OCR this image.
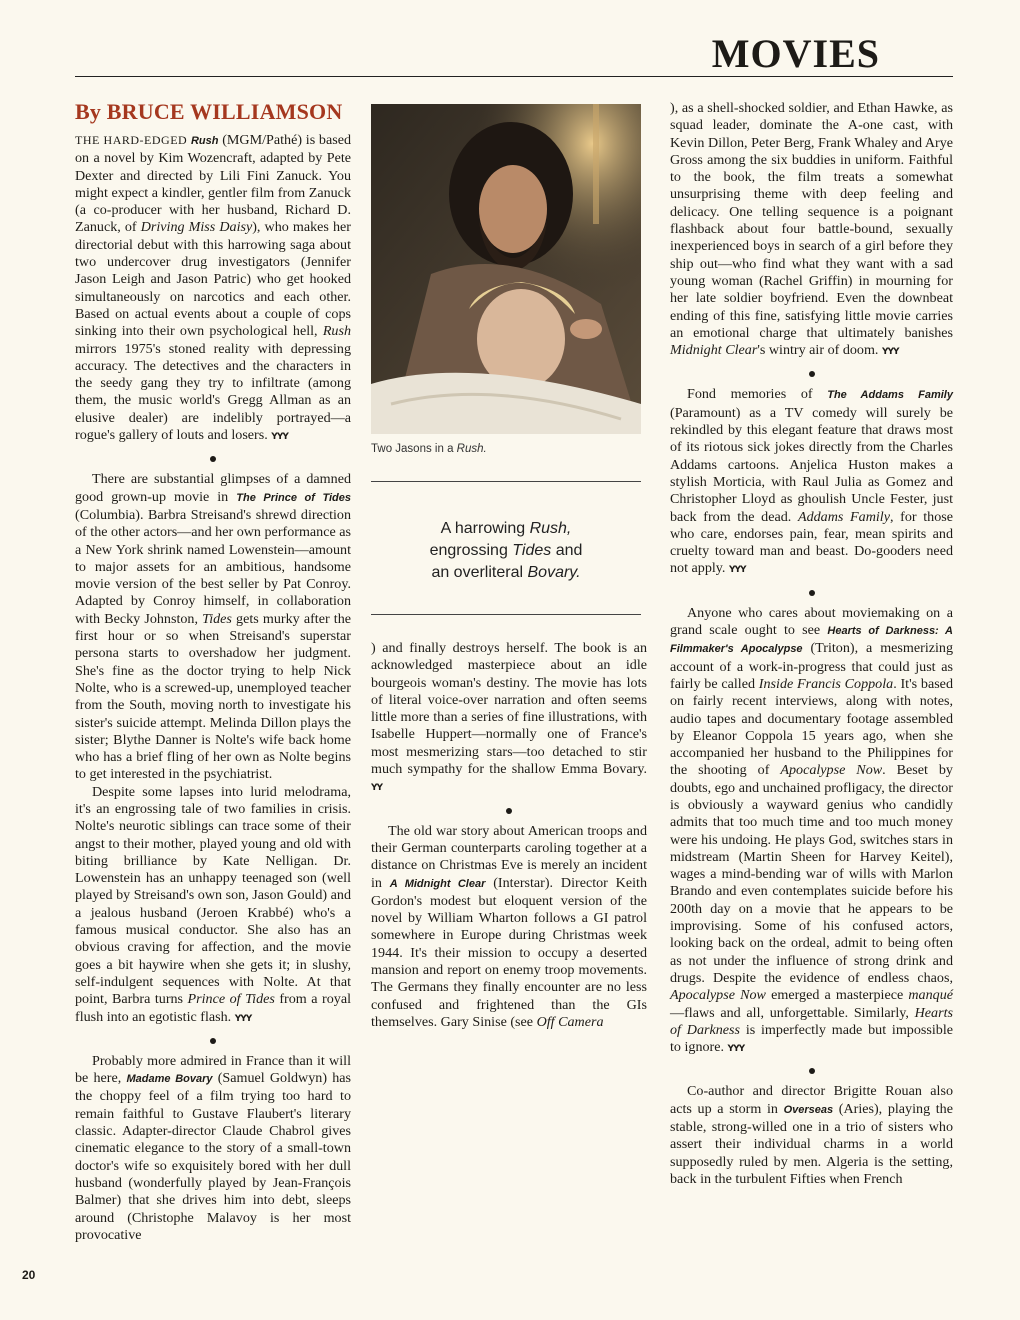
MOVIES
By BRUCE WILLIAMSON

THE HARD-EDGED Rush (MGM/Pathé) is based on a novel by Kim Wozencraft, adapted by Pete Dexter and directed by Lili Fini Zanuck. You might expect a kindler, gentler film from Zanuck (a co-producer with her husband, Richard D. Zanuck, of Driving Miss Daisy), who makes her directorial debut with this harrowing saga about two undercover drug investigators (Jennifer Jason Leigh and Jason Patric) who get hooked simultaneously on narcotics and each other. Based on actual events about a couple of cops sinking into their own psychological hell, Rush mirrors 1975's stoned reality with depressing accuracy. The detectives and the characters in the seedy gang they try to infiltrate (among them, the music world's Gregg Allman as an elusive dealer) are indelibly portrayed—a rogue's gallery of louts and losers. YYY

There are substantial glimpses of a damned good grown-up movie in The Prince of Tides (Columbia). Barbra Streisand's shrewd direction of the other actors—and her own performance as a New York shrink named Lowenstein—amount to major assets for an ambitious, handsome movie version of the best seller by Pat Conroy. Adapted by Conroy himself, in collaboration with Becky Johnston, Tides gets murky after the first hour or so when Streisand's superstar persona starts to overshadow her judgment. She's fine as the doctor trying to help Nick Nolte, who is a screwed-up, unemployed teacher from the South, moving north to investigate his sister's suicide attempt. Melinda Dillon plays the sister; Blythe Danner is Nolte's wife back home who has a brief fling of her own as Nolte begins to get interested in the psychiatrist.

Despite some lapses into lurid melodrama, it's an engrossing tale of two families in crisis. Nolte's neurotic siblings can trace some of their angst to their mother, played young and old with biting brilliance by Kate Nelligan. Dr. Lowenstein has an unhappy teenaged son (well played by Streisand's own son, Jason Gould) and a jealous husband (Jeroen Krabbé) who's a famous musical conductor. She also has an obvious craving for affection, and the movie goes a bit haywire when she gets it; in slushy, self-indulgent sequences with Nolte. At that point, Barbra turns Prince of Tides from a royal flush into an egotistic flash. YYY

Probably more admired in France than it will be here, Madame Bovary (Samuel Goldwyn) has the choppy feel of a film trying too hard to remain faithful to Gustave Flaubert's literary classic. Adapter-director Claude Chabrol gives cinematic elegance to the story of a small-town doctor's wife so exquisitely bored with her dull husband (wonderfully played by Jean-François Balmer) that she drives him into debt, sleeps around (Christophe Malavoy is her most provocative

Two Jasons in a Rush.
A harrowing Rush,
engrossing Tides and
an overliteral Bovary.

) and finally destroys herself. The book is an acknowledged masterpiece about an idle bourgeois woman's destiny. The movie has lots of literal voice-over narration and often seems little more than a series of fine illustrations, with Isabelle Huppert—normally one of France's most mesmerizing stars—too detached to stir much sympathy for the shallow Emma Bovary. YY

The old war story about American troops and their German counterparts caroling together at a distance on Christmas Eve is merely an incident in A Midnight Clear (Interstar). Director Keith Gordon's modest but eloquent version of the novel by William Wharton follows a GI patrol somewhere in Europe during Christmas week 1944. It's their mission to occupy a deserted mansion and report on enemy troop movements. The Germans they finally encounter are no less confused and frightened than the GIs themselves. Gary Sinise (see Off Camera

), as a shell-shocked soldier, and Ethan Hawke, as squad leader, dominate the A-one cast, with Kevin Dillon, Peter Berg, Frank Whaley and Arye Gross among the six buddies in uniform. Faithful to the book, the film treats a somewhat unsurprising theme with deep feeling and delicacy. One telling sequence is a poignant flashback about four battle-bound, sexually inexperienced boys in search of a girl before they ship out—who find what they want with a sad young woman (Rachel Griffin) in mourning for her late soldier boyfriend. Even the downbeat ending of this fine, satisfying little movie carries an emotional charge that ultimately banishes Midnight Clear's wintry air of doom. YYY

Fond memories of The Addams Family (Paramount) as a TV comedy will surely be rekindled by this elegant feature that draws most of its riotous sick jokes directly from the Charles Addams cartoons. Anjelica Huston makes a stylish Morticia, with Raul Julia as Gomez and Christopher Lloyd as ghoulish Uncle Fester, just back from the dead. Addams Family, for those who care, endorses pain, fear, mean spirits and cruelty toward man and beast. Do-gooders need not apply. YYY

Anyone who cares about moviemaking on a grand scale ought to see Hearts of Darkness: A Filmmaker's Apocalypse (Triton), a mesmerizing account of a work-in-progress that could just as fairly be called Inside Francis Coppola. It's based on fairly recent interviews, along with notes, audio tapes and documentary footage assembled by Eleanor Coppola 15 years ago, when she accompanied her husband to the Philippines for the shooting of Apocalypse Now. Beset by doubts, ego and unchained profligacy, the director is obviously a wayward genius who candidly admits that too much time and too much money were his undoing. He plays God, switches stars in midstream (Martin Sheen for Harvey Keitel), wages a mind-bending war of wills with Marlon Brando and even contemplates suicide before his 200th day on a movie that he appears to be improvising. Some of his confused actors, looking back on the ordeal, admit to being often as not under the influence of strong drink and drugs. Despite the evidence of endless chaos, Apocalypse Now emerged a masterpiece manqué—flaws and all, unforgettable. Similarly, Hearts of Darkness is imperfectly made but impossible to ignore. YYY

Co-author and director Brigitte Rouan also acts up a storm in Overseas (Aries), playing the stable, strong-willed one in a trio of sisters who assert their individual charms in a world supposedly ruled by men. Algeria is the setting, back in the turbulent Fifties when French

20
